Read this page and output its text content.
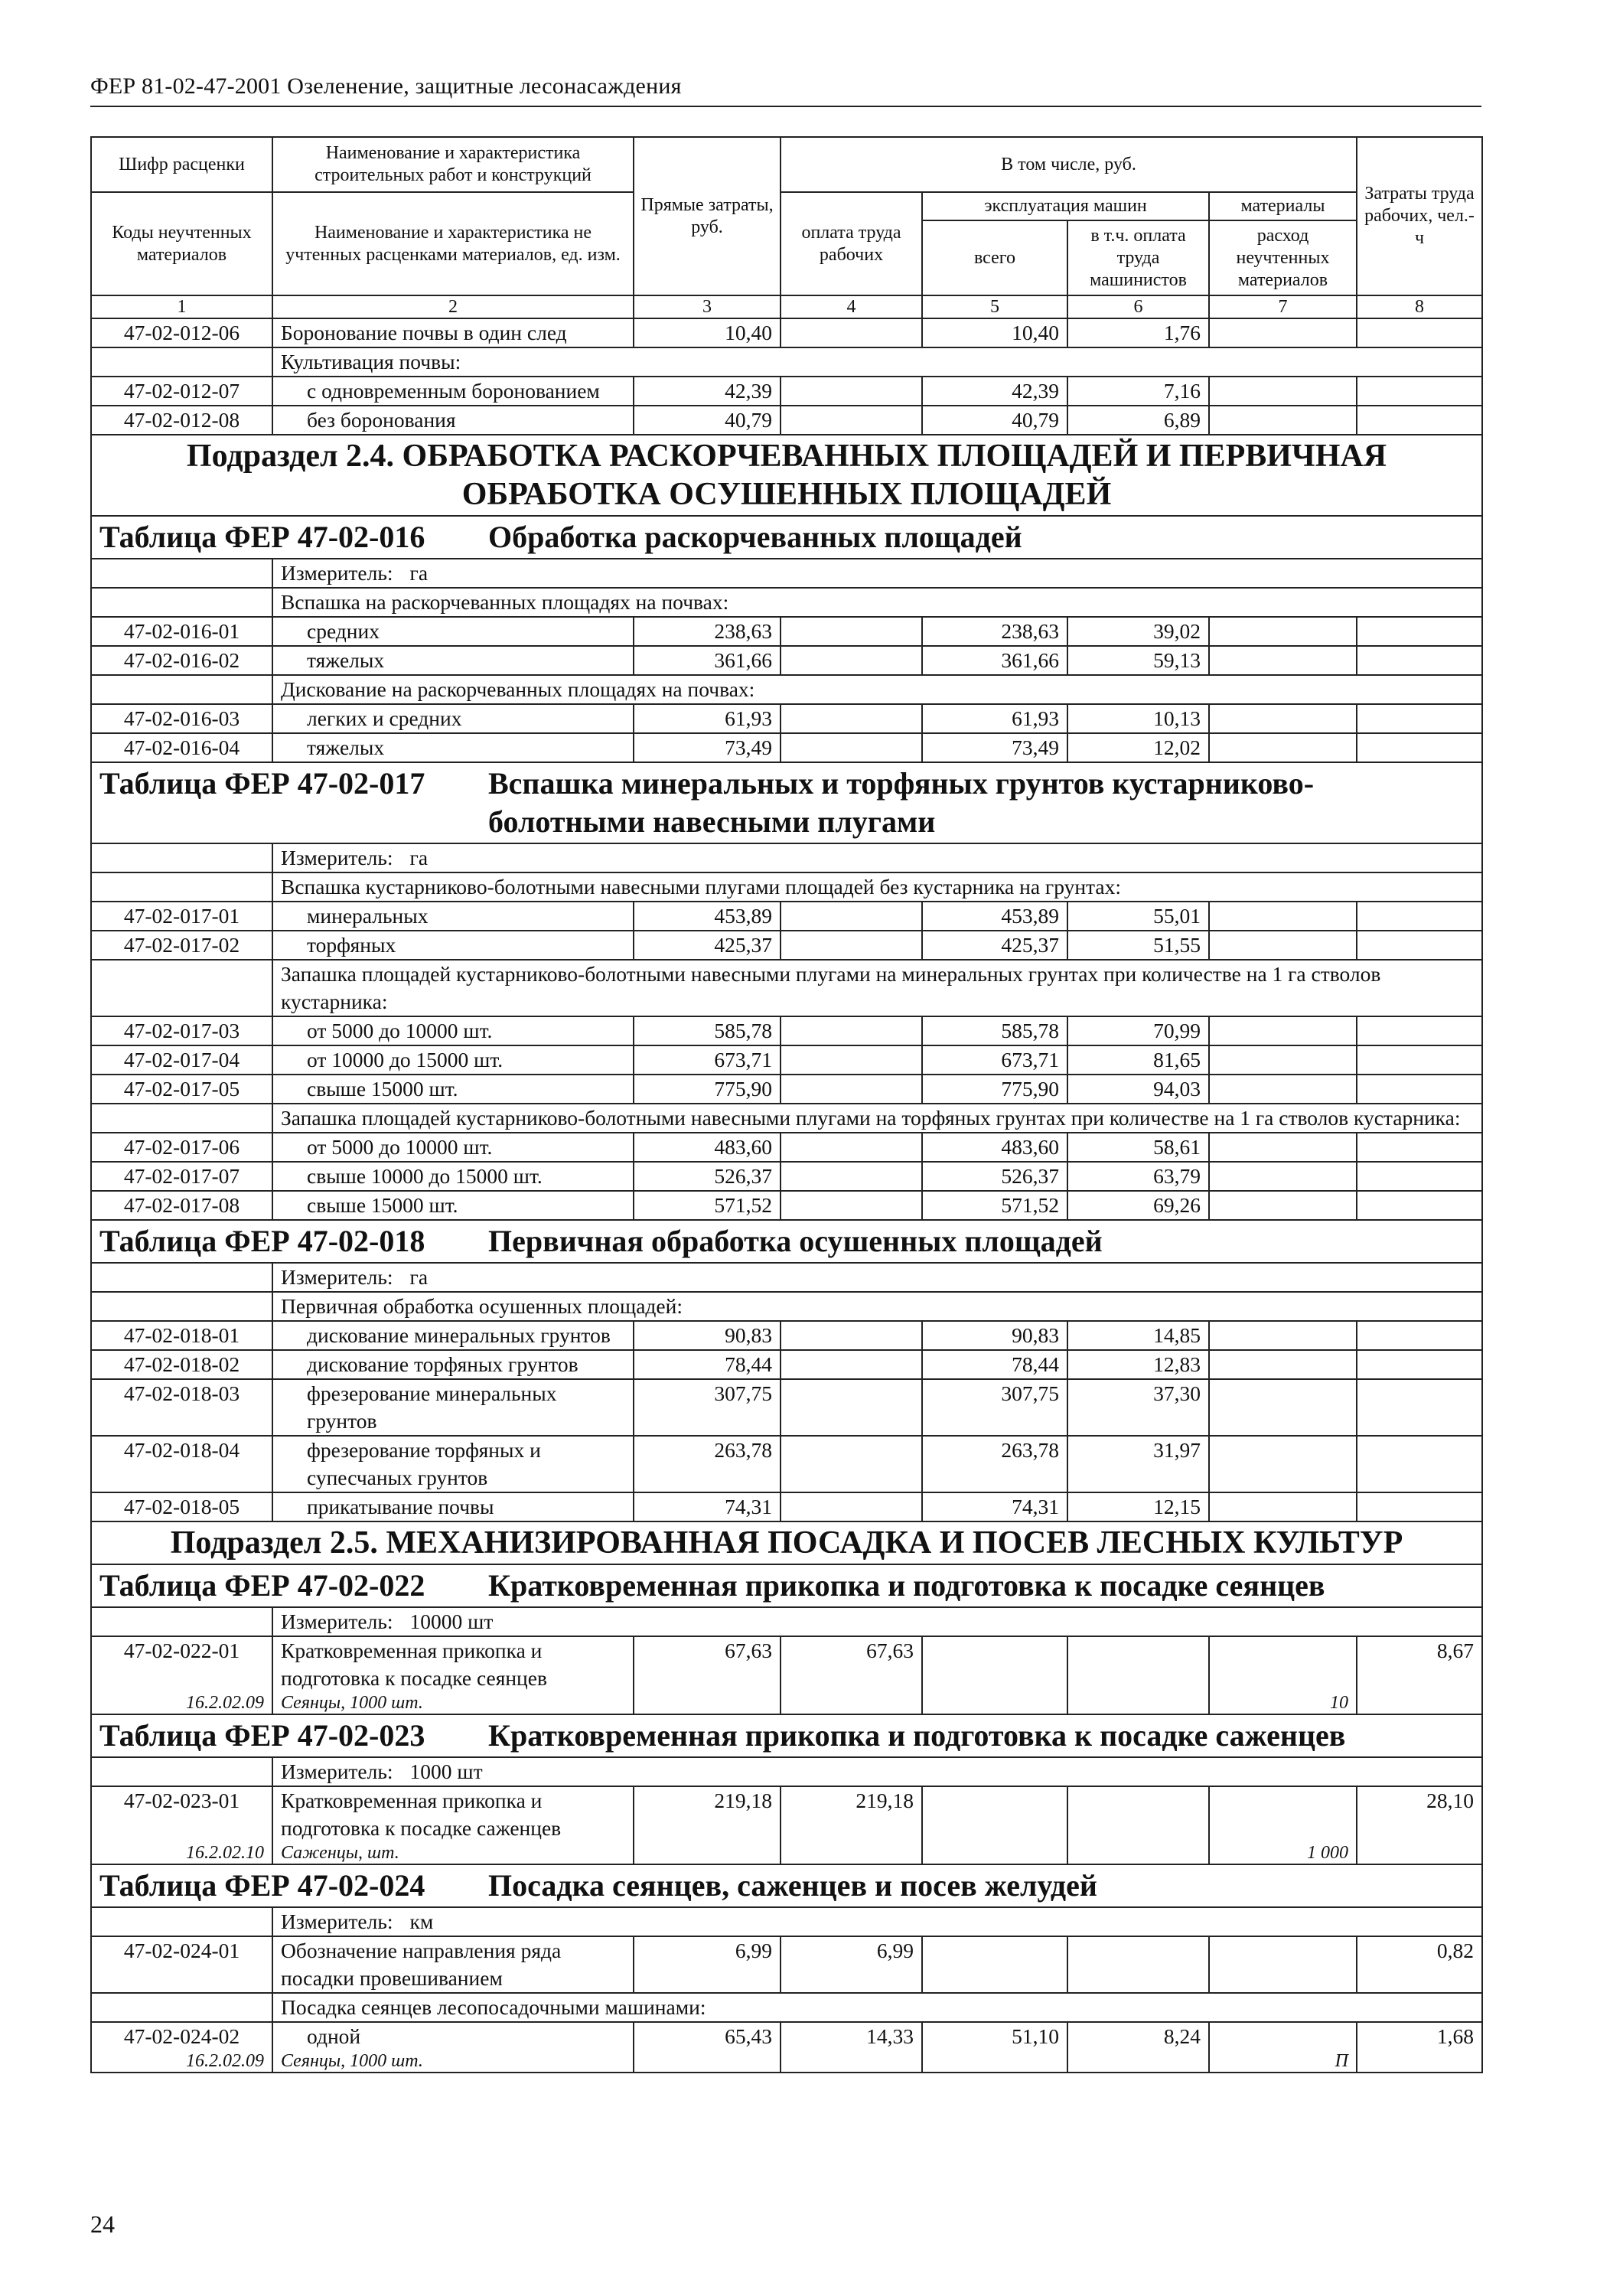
ФЕР 81-02-47-2001 Озеленение, защитные лесонасаждения
Шифр расценки	Наименование и характеристика строительных работ и конструкций	Прямые затраты, руб.	В том числе, руб.				Затраты труда рабочих, чел.-ч
Коды неучтенных материалов	Наименование и характеристика не учтенных расценками материалов, ед. изм.		оплата труда рабочих	эксплуатация машин		материалы	
				всего	в т.ч. оплата труда машинистов	расход неучтенных материалов	
1	2	3	4	5	6	7	8
47-02-012-06	Боронование почвы в один след	10,40		10,40	1,76		
	Культивация почвы:						
47-02-012-07	с одновременным боронованием	42,39		42,39	7,16		
47-02-012-08	без боронования	40,79		40,79	6,89		
Подраздел 2.4. ОБРАБОТКА РАСКОРЧЕВАННЫХ ПЛОЩАДЕЙ И ПЕРВИЧНАЯ ОБРАБОТКА ОСУШЕННЫХ ПЛОЩАДЕЙ							
Таблица ФЕР 47-02-016 Обработка раскорчеванных площадей							
	Измеритель: га						
	Вспашка на раскорчеванных площадях на почвах:						
47-02-016-01	средних	238,63		238,63	39,02		
47-02-016-02	тяжелых	361,66		361,66	59,13		
	Дискование на раскорчеванных площадях на почвах:						
47-02-016-03	легких и средних	61,93		61,93	10,13		
47-02-016-04	тяжелых	73,49		73,49	12,02		
Таблица ФЕР 47-02-017 Вспашка минеральных и торфяных грунтов кустарниково-болотными навесными плугами							
	Измеритель: га						
	Вспашка кустарниково-болотными навесными плугами площадей без кустарника на грунтах:						
47-02-017-01	минеральных	453,89		453,89	55,01		
47-02-017-02	торфяных	425,37		425,37	51,55		
	Запашка площадей кустарниково-болотными навесными плугами на минеральных грунтах при количестве на 1 га стволов кустарника:						
47-02-017-03	от 5000 до 10000 шт.	585,78		585,78	70,99		
47-02-017-04	от 10000 до 15000 шт.	673,71		673,71	81,65		
47-02-017-05	свыше 15000 шт.	775,90		775,90	94,03		
	Запашка площадей кустарниково-болотными навесными плугами на торфяных грунтах при количестве на 1 га стволов кустарника:						
47-02-017-06	от 5000 до 10000 шт.	483,60		483,60	58,61		
47-02-017-07	свыше 10000 до 15000 шт.	526,37		526,37	63,79		
47-02-017-08	свыше 15000 шт.	571,52		571,52	69,26		
Таблица ФЕР 47-02-018 Первичная обработка осушенных площадей							
	Измеритель: га						
	Первичная обработка осушенных площадей:						
47-02-018-01	дискование минеральных грунтов	90,83		90,83	14,85		
47-02-018-02	дискование торфяных грунтов	78,44		78,44	12,83		
47-02-018-03	фрезерование минеральных грунтов	307,75		307,75	37,30		
47-02-018-04	фрезерование торфяных и супесчаных грунтов	263,78		263,78	31,97		
47-02-018-05	прикатывание почвы	74,31		74,31	12,15		
Подраздел 2.5. МЕХАНИЗИРОВАННАЯ ПОСАДКА И ПОСЕВ ЛЕСНЫХ КУЛЬТУР							
Таблица ФЕР 47-02-022 Кратковременная прикопка и подготовка к посадке сеянцев							
	Измеритель: 10000 шт						
47-02-022-01	Кратковременная прикопка и подготовка к посадке сеянцев	67,63	67,63				8,67
16.2.02.09	Сеянцы, 1000 шт.					10	
Таблица ФЕР 47-02-023 Кратковременная прикопка и подготовка к посадке саженцев							
	Измеритель: 1000 шт						
47-02-023-01	Кратковременная прикопка и подготовка к посадке саженцев	219,18	219,18				28,10
16.2.02.10	Саженцы, шт.					1 000	
Таблица ФЕР 47-02-024 Посадка сеянцев, саженцев и посев желудей							
	Измеритель: км						
47-02-024-01	Обозначение направления ряда посадки провешиванием	6,99	6,99				0,82
	Посадка сеянцев лесопосадочными машинами:						
47-02-024-02	одной	65,43	14,33	51,10	8,24		1,68
16.2.02.09	Сеянцы, 1000 шт.					П	
24
